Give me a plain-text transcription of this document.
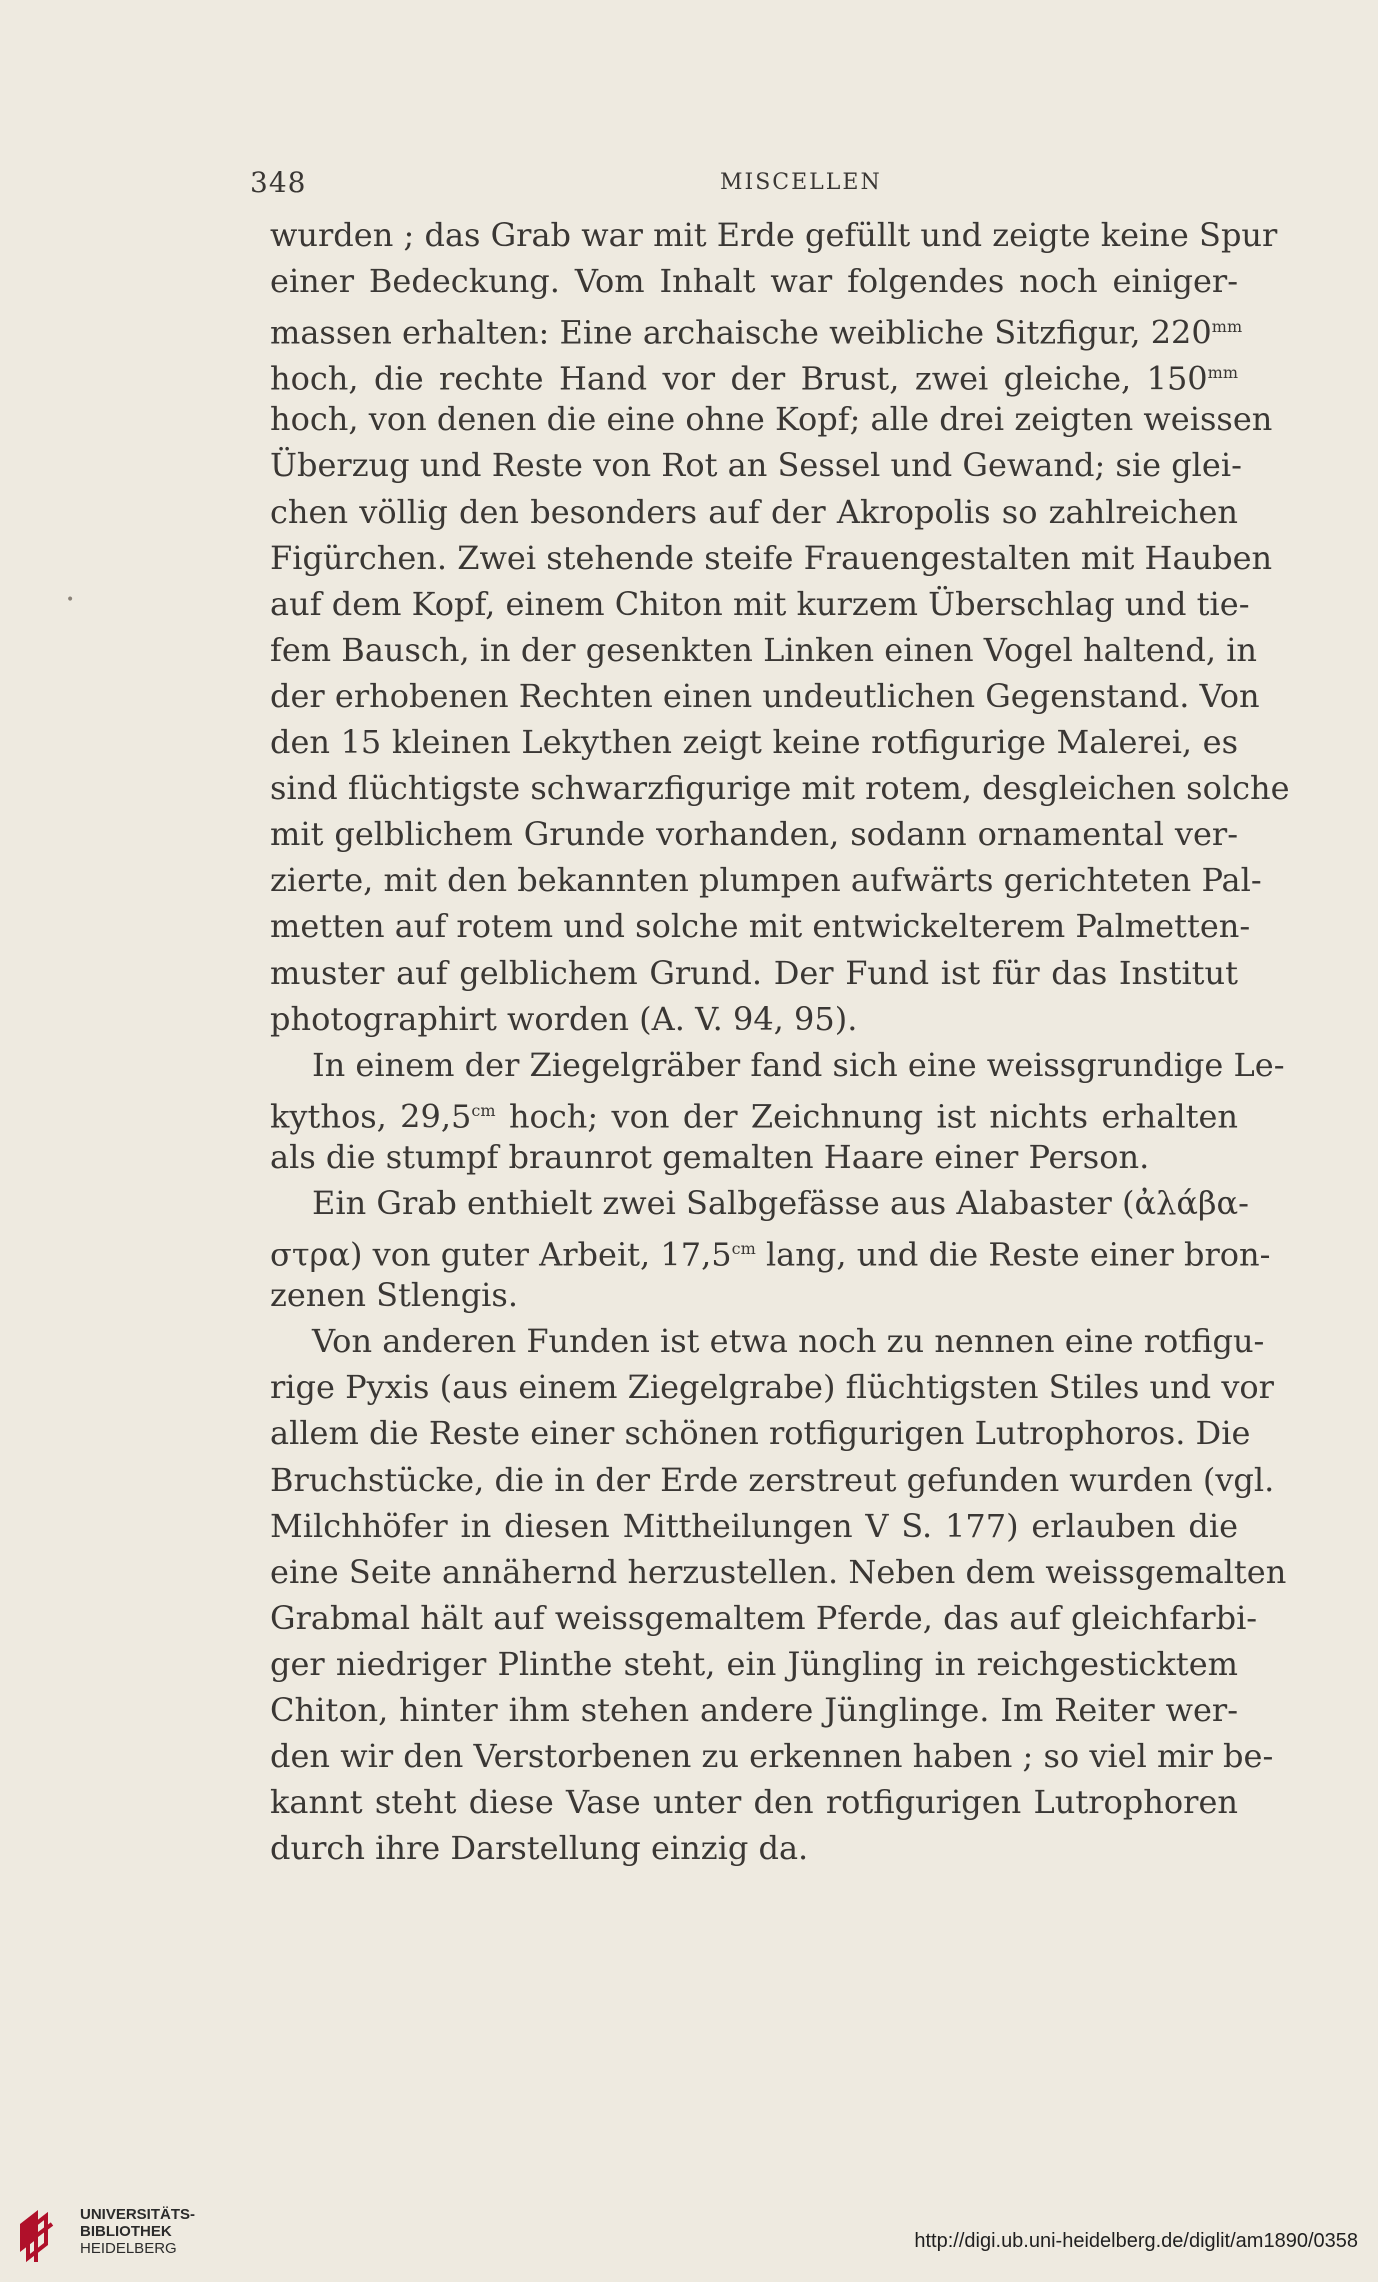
348	MISCELLEN
•
wurden ; das Grab war mit Erde gefüllt und zeigte keine Spur
einer Bedeckung. Vom Inhalt war folgendes noch einiger-
massen erhalten: Eine archaische weibliche Sitzfigur, $220^{mm}$
hoch, die rechte Hand vor der Brust, zwei gleiche, $150^{mm}$
hoch, von denen die eine ohne Kopf; alle drei zeigten weissen
Überzug und Reste von Rot an Sessel und Gewand; sie glei-
chen völlig den besonders auf der Akropolis so zahlreichen
Figürchen. Zwei stehende steife Frauengestalten mit Hauben
auf dem Kopf, einem Chiton mit kurzem Überschlag und tie-
fem Bausch, in der gesenkten Linken einen Vogel haltend, in
der erhobenen Rechten einen undeutlichen Gegenstand. Von
den 15 kleinen Lekythen zeigt keine rotfigurige Malerei, es
sind flüchtigste schwarzfigurige mit rotem, desgleichen solche
mit gelblichem Grunde vorhanden, sodann ornamental ver-
zierte, mit den bekannten plumpen aufwärts gerichteten Pal-
metten auf rotem und solche mit entwickelterem Palmetten-
muster auf gelblichem Grund. Der Fund ist für das Institut
photographirt worden (A. V. 94, 95).
In einem der Ziegelgräber fand sich eine weissgrundige Le-
kythos, $29,5^{cm}$ hoch; von der Zeichnung ist nichts erhalten
als die stumpf braunrot gemalten Haare einer Person.
Ein Grab enthielt zwei Salbgefässe aus Alabaster (ἀλάβα-
στρα) von guter Arbeit, $17,5^{cm}$ lang, und die Reste einer bron-
zenen Stlengis.
Von anderen Funden ist etwa noch zu nennen eine rotfigu-
rige Pyxis (aus einem Ziegelgrabe) flüchtigsten Stiles und vor
allem die Reste einer schönen rotfigurigen Lutrophoros. Die
Bruchstücke, die in der Erde zerstreut gefunden wurden (vgl.
Milchhöfer in diesen Mittheilungen V S. 177) erlauben die
eine Seite annähernd herzustellen. Neben dem weissgemalten
Grabmal hält auf weissgemaltem Pferde, das auf gleichfarbi-
ger niedriger Plinthe steht, ein Jüngling in reichgesticktem
Chiton, hinter ihm stehen andere Jünglinge. Im Reiter wer-
den wir den Verstorbenen zu erkennen haben ; so viel mir be-
kannt steht diese Vase unter den rotfigurigen Lutrophoren
durch ihre Darstellung einzig da.
UNIVERSITÄTS-
BIBLIOTHEK
HEIDELBERG	http://digi.ub.uni-heidelberg.de/diglit/am1890/0358
